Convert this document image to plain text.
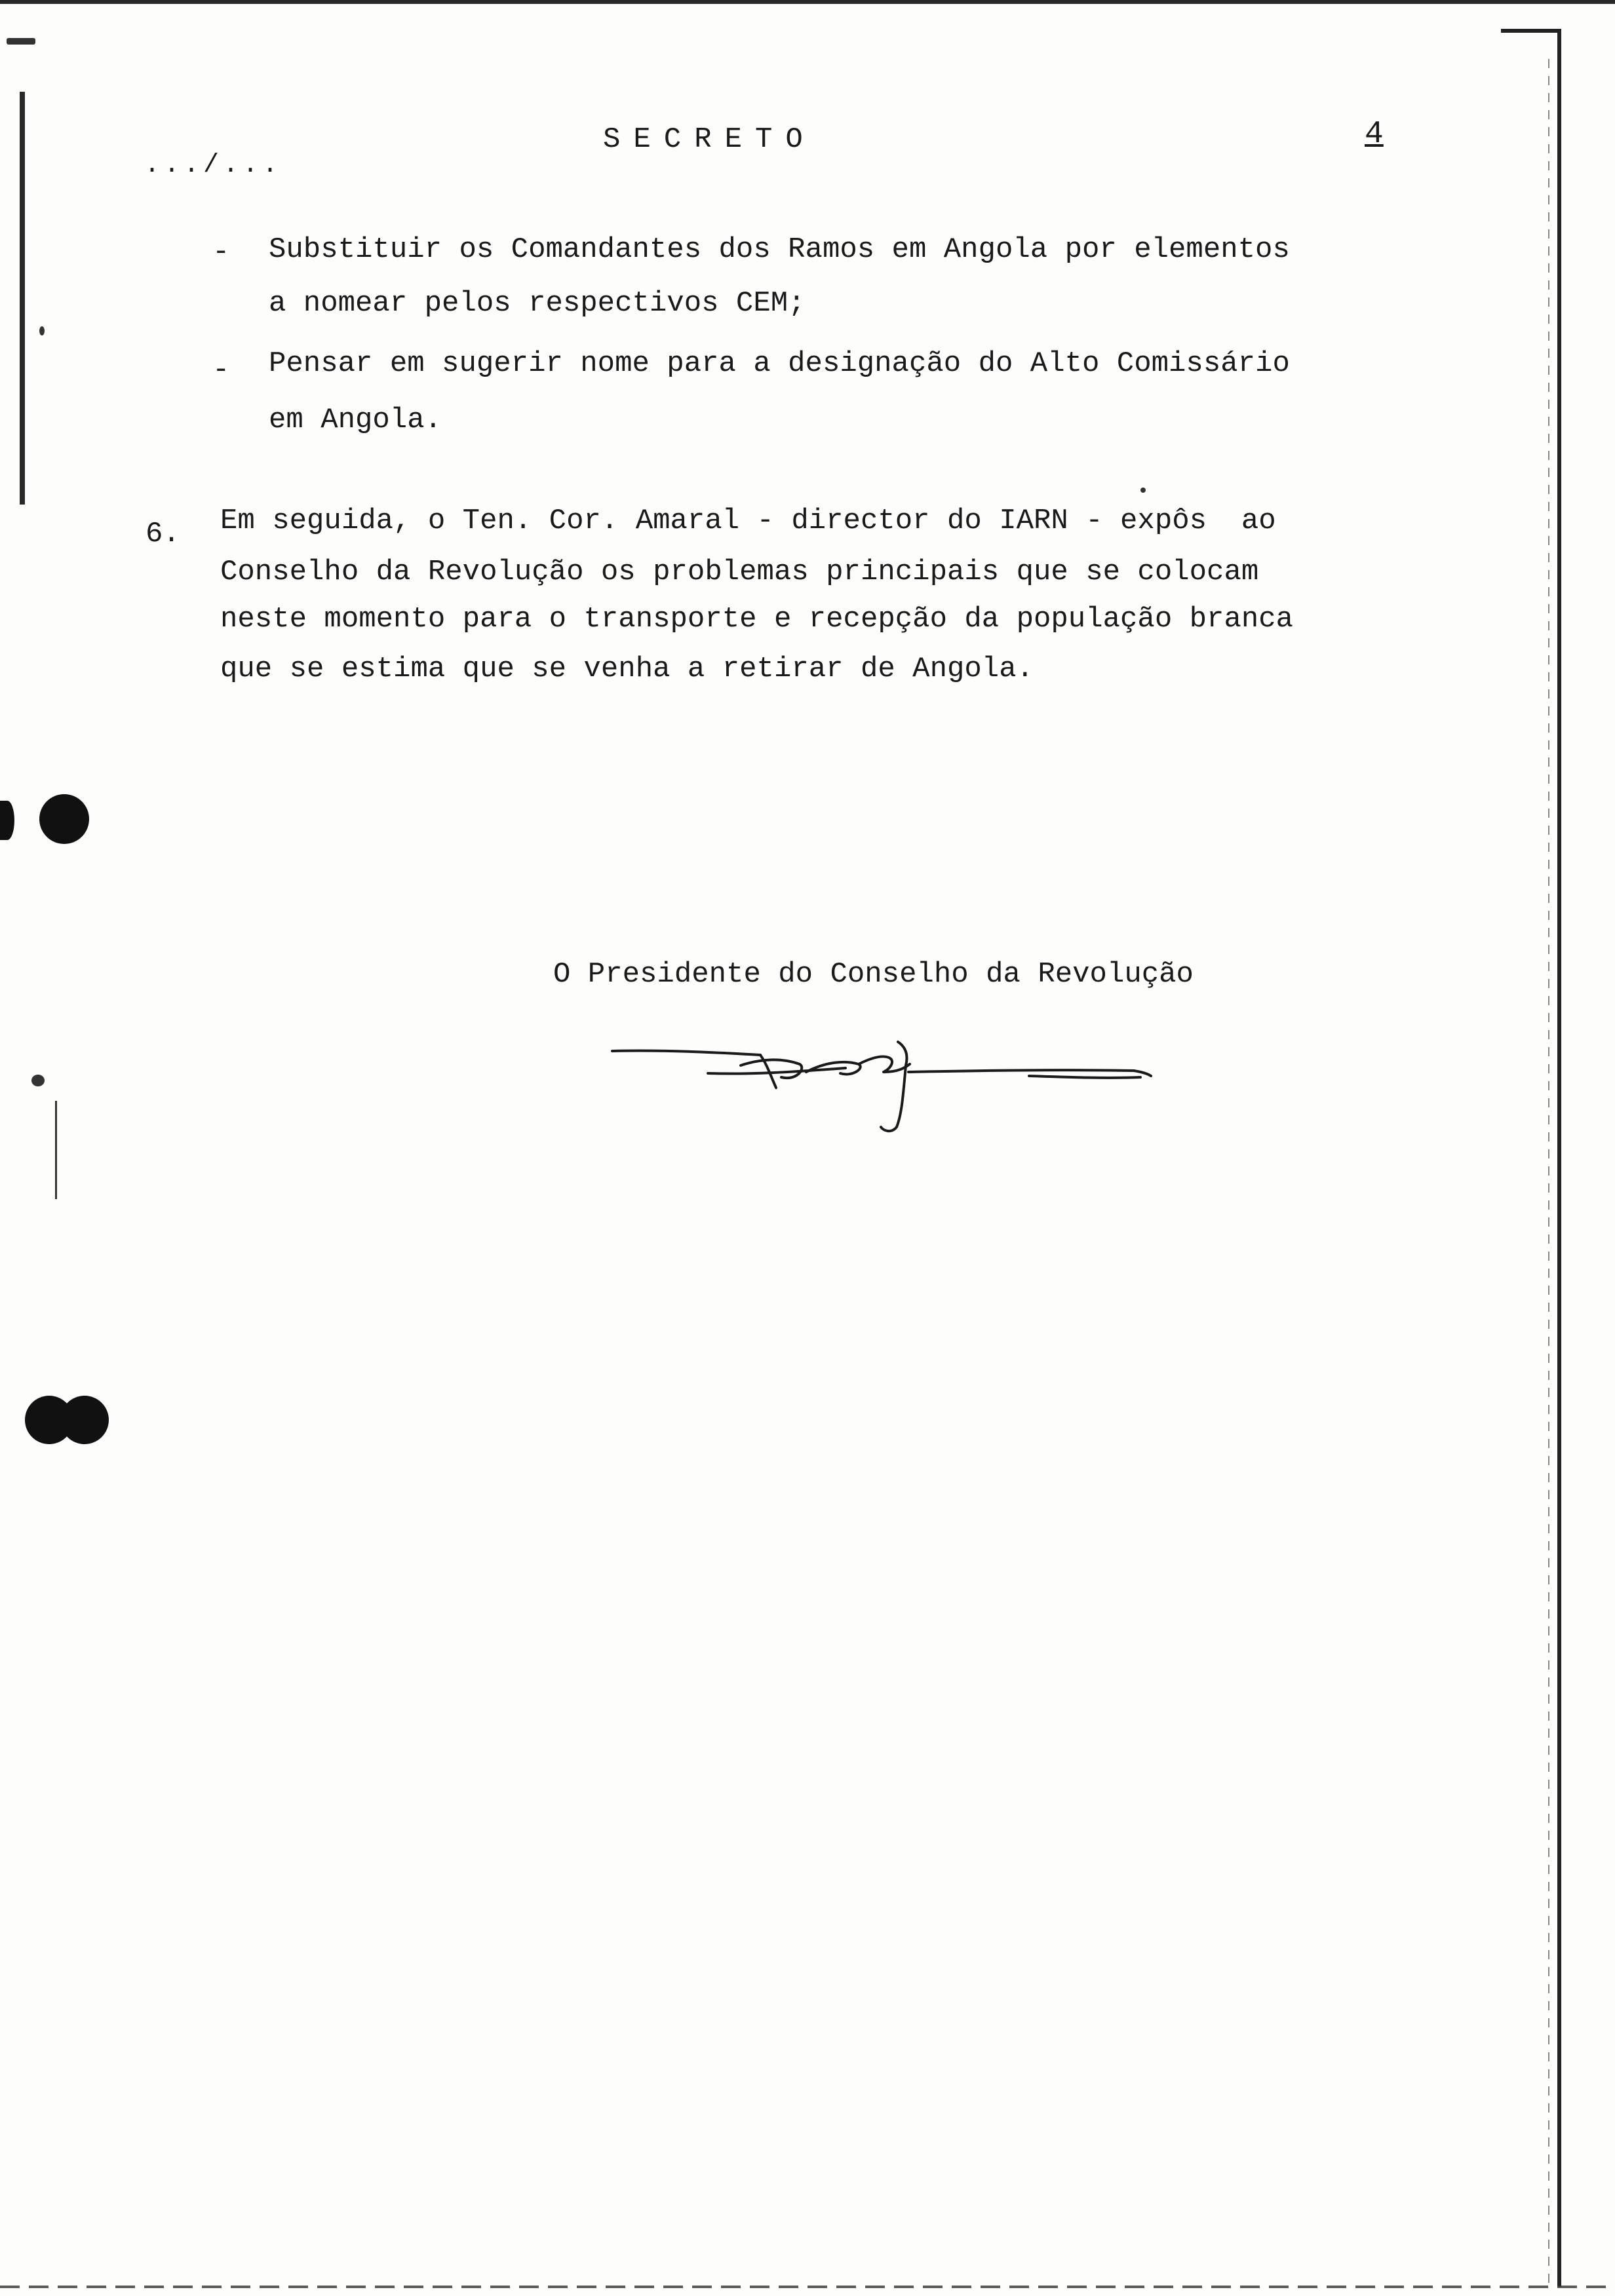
SECRETO	4
.../...
- Substituir os Comandantes dos Ramos em Angola por elementos
a nomear pelos respectivos CEM;
- Pensar em sugerir nome para a designação do Alto Comissário
em Angola.
6. Em seguida, o Ten. Cor. Amaral - director do IARN - expôs  ao
Conselho da Revolução os problemas principais que se colocam
neste momento para o transporte e recepção da população branca
que se estima que se venha a retirar de Angola.
O Presidente do Conselho da Revolução
